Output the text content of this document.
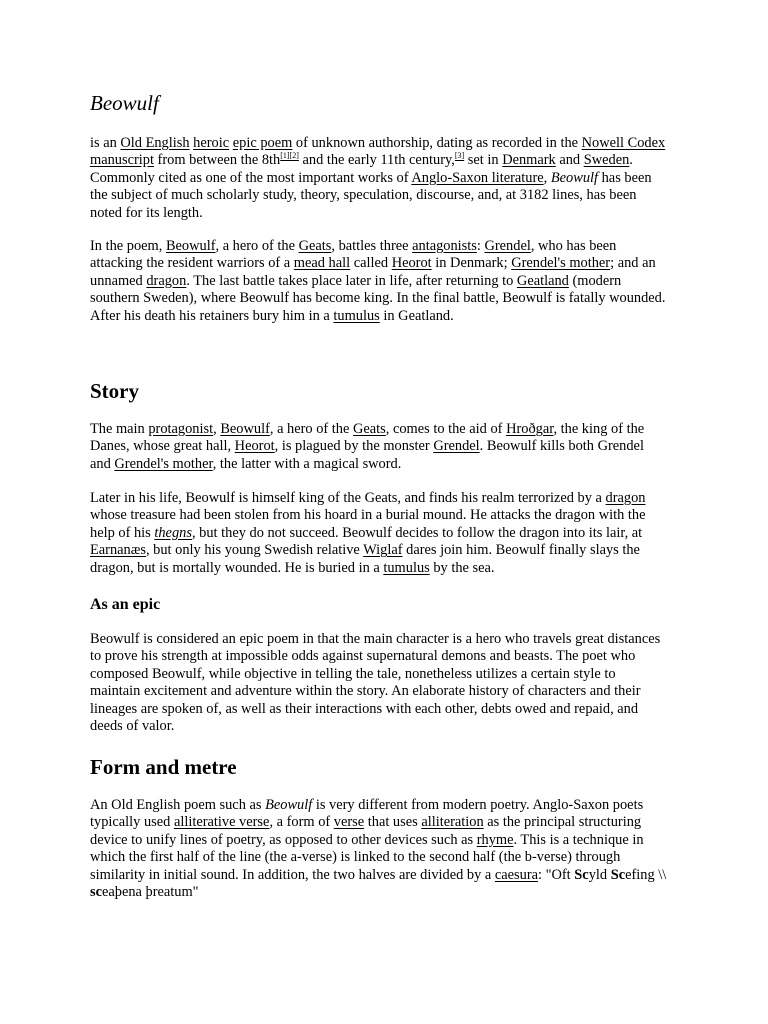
Beowulf

is an Old English heroic epic poem of unknown authorship, dating as recorded in the Nowell Codex manuscript from between the 8th[1][2] and the early 11th century,[3] set in Denmark and Sweden. Commonly cited as one of the most important works of Anglo-Saxon literature, Beowulf has been the subject of much scholarly study, theory, speculation, discourse, and, at 3182 lines, has been noted for its length.

In the poem, Beowulf, a hero of the Geats, battles three antagonists: Grendel, who has been attacking the resident warriors of a mead hall called Heorot in Denmark; Grendel's mother; and an unnamed dragon. The last battle takes place later in life, after returning to Geatland (modern southern Sweden), where Beowulf has become king. In the final battle, Beowulf is fatally wounded. After his death his retainers bury him in a tumulus in Geatland.

Story

The main protagonist, Beowulf, a hero of the Geats, comes to the aid of Hroðgar, the king of the Danes, whose great hall, Heorot, is plagued by the monster Grendel. Beowulf kills both Grendel and Grendel's mother, the latter with a magical sword.

Later in his life, Beowulf is himself king of the Geats, and finds his realm terrorized by a dragon whose treasure had been stolen from his hoard in a burial mound. He attacks the dragon with the help of his thegns, but they do not succeed. Beowulf decides to follow the dragon into its lair, at Earnanæs, but only his young Swedish relative Wiglaf dares join him. Beowulf finally slays the dragon, but is mortally wounded. He is buried in a tumulus by the sea.

As an epic

Beowulf is considered an epic poem in that the main character is a hero who travels great distances to prove his strength at impossible odds against supernatural demons and beasts. The poet who composed Beowulf, while objective in telling the tale, nonetheless utilizes a certain style to maintain excitement and adventure within the story. An elaborate history of characters and their lineages are spoken of, as well as their interactions with each other, debts owed and repaid, and deeds of valor.

Form and metre

An Old English poem such as Beowulf is very different from modern poetry. Anglo-Saxon poets typically used alliterative verse, a form of verse that uses alliteration as the principal structuring device to unify lines of poetry, as opposed to other devices such as rhyme. This is a technique in which the first half of the line (the a-verse) is linked to the second half (the b-verse) through similarity in initial sound. In addition, the two halves are divided by a caesura: "Oft Scyld Scefing \\ sceaþena þreatum"
